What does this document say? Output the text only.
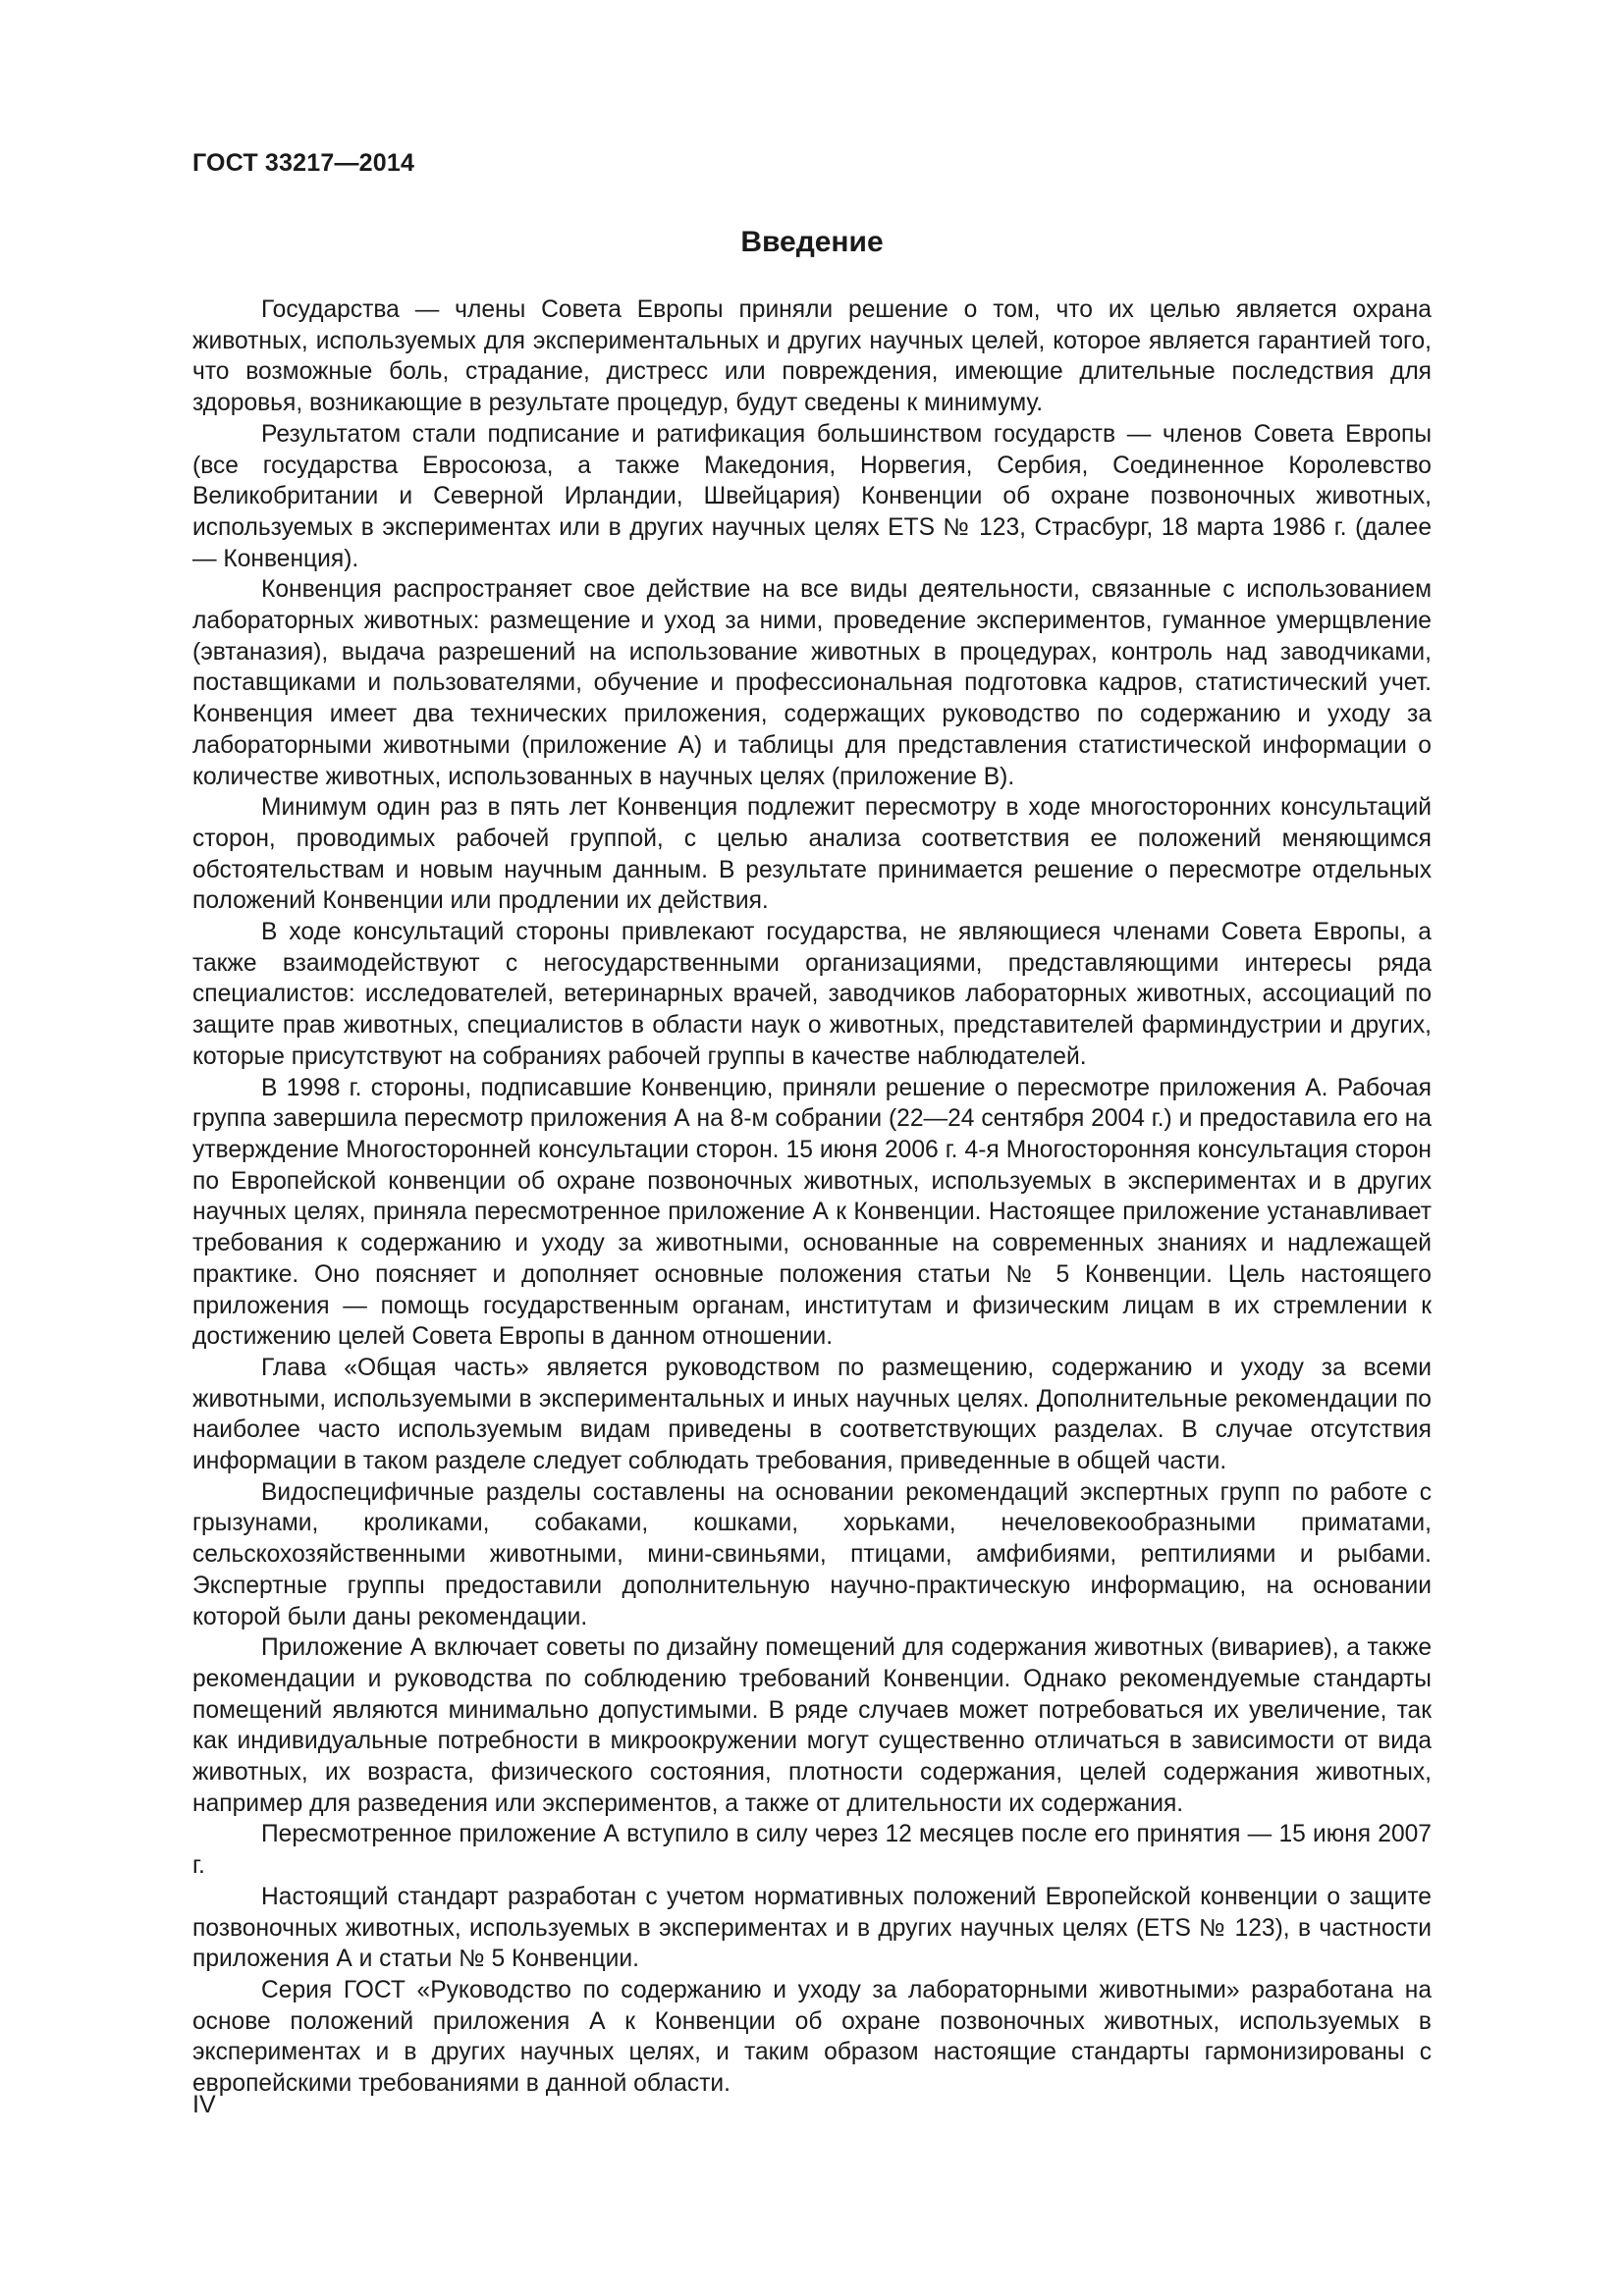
ГОСТ 33217—2014
Введение

Государства — члены Совета Европы приняли решение о том, что их целью является охрана животных, используемых для экспериментальных и других научных целей, которое является гарантией того, что возможные боль, страдание, дистресс или повреждения, имеющие длительные последствия для здоровья, возникающие в результате процедур, будут сведены к минимуму.

Результатом стали подписание и ратификация большинством государств — членов Совета Европы (все государства Евросоюза, а также Македония, Норвегия, Сербия, Соединенное Королевство Великобритании и Северной Ирландии, Швейцария) Конвенции об охране позвоночных животных, используемых в экспериментах или в других научных целях ETS № 123, Страсбург, 18 марта 1986 г. (далее — Конвенция).

Конвенция распространяет свое действие на все виды деятельности, связанные с использованием лабораторных животных: размещение и уход за ними, проведение экспериментов, гуманное умерщвление (эвтаназия), выдача разрешений на использование животных в процедурах, контроль над заводчиками, поставщиками и пользователями, обучение и профессиональная подготовка кадров, статистический учет. Конвенция имеет два технических приложения, содержащих руководство по содержанию и уходу за лабораторными животными (приложение А) и таблицы для представления статистической информации о количестве животных, использованных в научных целях (приложение В).

Минимум один раз в пять лет Конвенция подлежит пересмотру в ходе многосторонних консультаций сторон, проводимых рабочей группой, с целью анализа соответствия ее положений меняющимся обстоятельствам и новым научным данным. В результате принимается решение о пересмотре отдельных положений Конвенции или продлении их действия.

В ходе консультаций стороны привлекают государства, не являющиеся членами Совета Европы, а также взаимодействуют с негосударственными организациями, представляющими интересы ряда специалистов: исследователей, ветеринарных врачей, заводчиков лабораторных животных, ассоциаций по защите прав животных, специалистов в области наук о животных, представителей фарминдустрии и других, которые присутствуют на собраниях рабочей группы в качестве наблюдателей.

В 1998 г. стороны, подписавшие Конвенцию, приняли решение о пересмотре приложения А. Рабочая группа завершила пересмотр приложения А на 8-м собрании (22—24 сентября 2004 г.) и предоставила его на утверждение Многосторонней консультации сторон. 15 июня 2006 г. 4-я Многосторонняя консультация сторон по Европейской конвенции об охране позвоночных животных, используемых в экспериментах и в других научных целях, приняла пересмотренное приложение А к Конвенции. Настоящее приложение устанавливает требования к содержанию и уходу за животными, основанные на современных знаниях и надлежащей практике. Оно поясняет и дополняет основные положения статьи № 5 Конвенции. Цель настоящего приложения — помощь государственным органам, институтам и физическим лицам в их стремлении к достижению целей Совета Европы в данном отношении.

Глава «Общая часть» является руководством по размещению, содержанию и уходу за всеми животными, используемыми в экспериментальных и иных научных целях. Дополнительные рекомендации по наиболее часто используемым видам приведены в соответствующих разделах. В случае отсутствия информации в таком разделе следует соблюдать требования, приведенные в общей части.

Видоспецифичные разделы составлены на основании рекомендаций экспертных групп по работе с грызунами, кроликами, собаками, кошками, хорьками, нечеловекообразными приматами, сельскохозяйственными животными, мини-свиньями, птицами, амфибиями, рептилиями и рыбами. Экспертные группы предоставили дополнительную научно-практическую информацию, на основании которой были даны рекомендации.

Приложение А включает советы по дизайну помещений для содержания животных (вивариев), а также рекомендации и руководства по соблюдению требований Конвенции. Однако рекомендуемые стандарты помещений являются минимально допустимыми. В ряде случаев может потребоваться их увеличение, так как индивидуальные потребности в микроокружении могут существенно отличаться в зависимости от вида животных, их возраста, физического состояния, плотности содержания, целей содержания животных, например для разведения или экспериментов, а также от длительности их содержания.

Пересмотренное приложение А вступило в силу через 12 месяцев после его принятия — 15 июня 2007 г.

Настоящий стандарт разработан с учетом нормативных положений Европейской конвенции о защите позвоночных животных, используемых в экспериментах и в других научных целях (ETS № 123), в частности приложения А и статьи № 5 Конвенции.

Серия ГОСТ «Руководство по содержанию и уходу за лабораторными животными» разработана на основе положений приложения А к Конвенции об охране позвоночных животных, используемых в экспериментах и в других научных целях, и таким образом настоящие стандарты гармонизированы с европейскими требованиями в данной области.

IV
